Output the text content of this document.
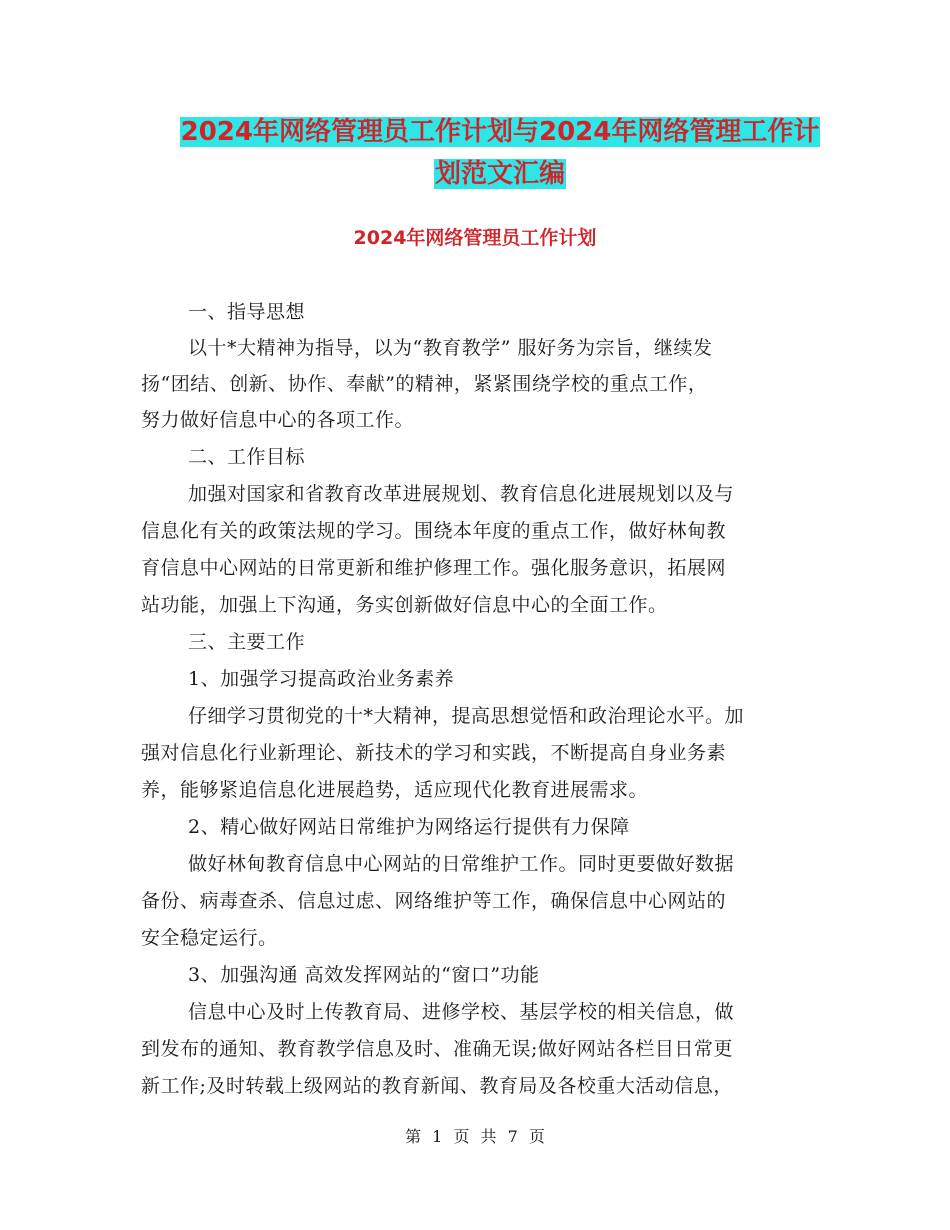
2024年网络管理员工作计划与2024年网络管理工作计
划范文汇编
2024年网络管理员工作计划
一、指导思想
以十*大精神为指导，以为“教育教学” 服好务为宗旨，继续发
扬“团结、创新、协作、奉献”的精神，紧紧围绕学校的重点工作，
努力做好信息中心的各项工作。
二、工作目标
加强对国家和省教育改革进展规划、教育信息化进展规划以及与
信息化有关的政策法规的学习。围绕本年度的重点工作，做好林甸教
育信息中心网站的日常更新和维护修理工作。强化服务意识，拓展网
站功能，加强上下沟通，务实创新做好信息中心的全面工作。
三、主要工作
1、加强学习提高政治业务素养
仔细学习贯彻党的十*大精神，提高思想觉悟和政治理论水平。加
强对信息化行业新理论、新技术的学习和实践，不断提高自身业务素
养，能够紧追信息化进展趋势，适应现代化教育进展需求。
2、精心做好网站日常维护为网络运行提供有力保障
做好林甸教育信息中心网站的日常维护工作。同时更要做好数据
备份、病毒查杀、信息过虑、网络维护等工作，确保信息中心网站的
安全稳定运行。
3、加强沟通 高效发挥网站的“窗口”功能
信息中心及时上传教育局、进修学校、基层学校的相关信息，做
到发布的通知、教育教学信息及时、准确无误;做好网站各栏目日常更
新工作;及时转载上级网站的教育新闻、教育局及各校重大活动信息，
第 1 页 共 7 页
